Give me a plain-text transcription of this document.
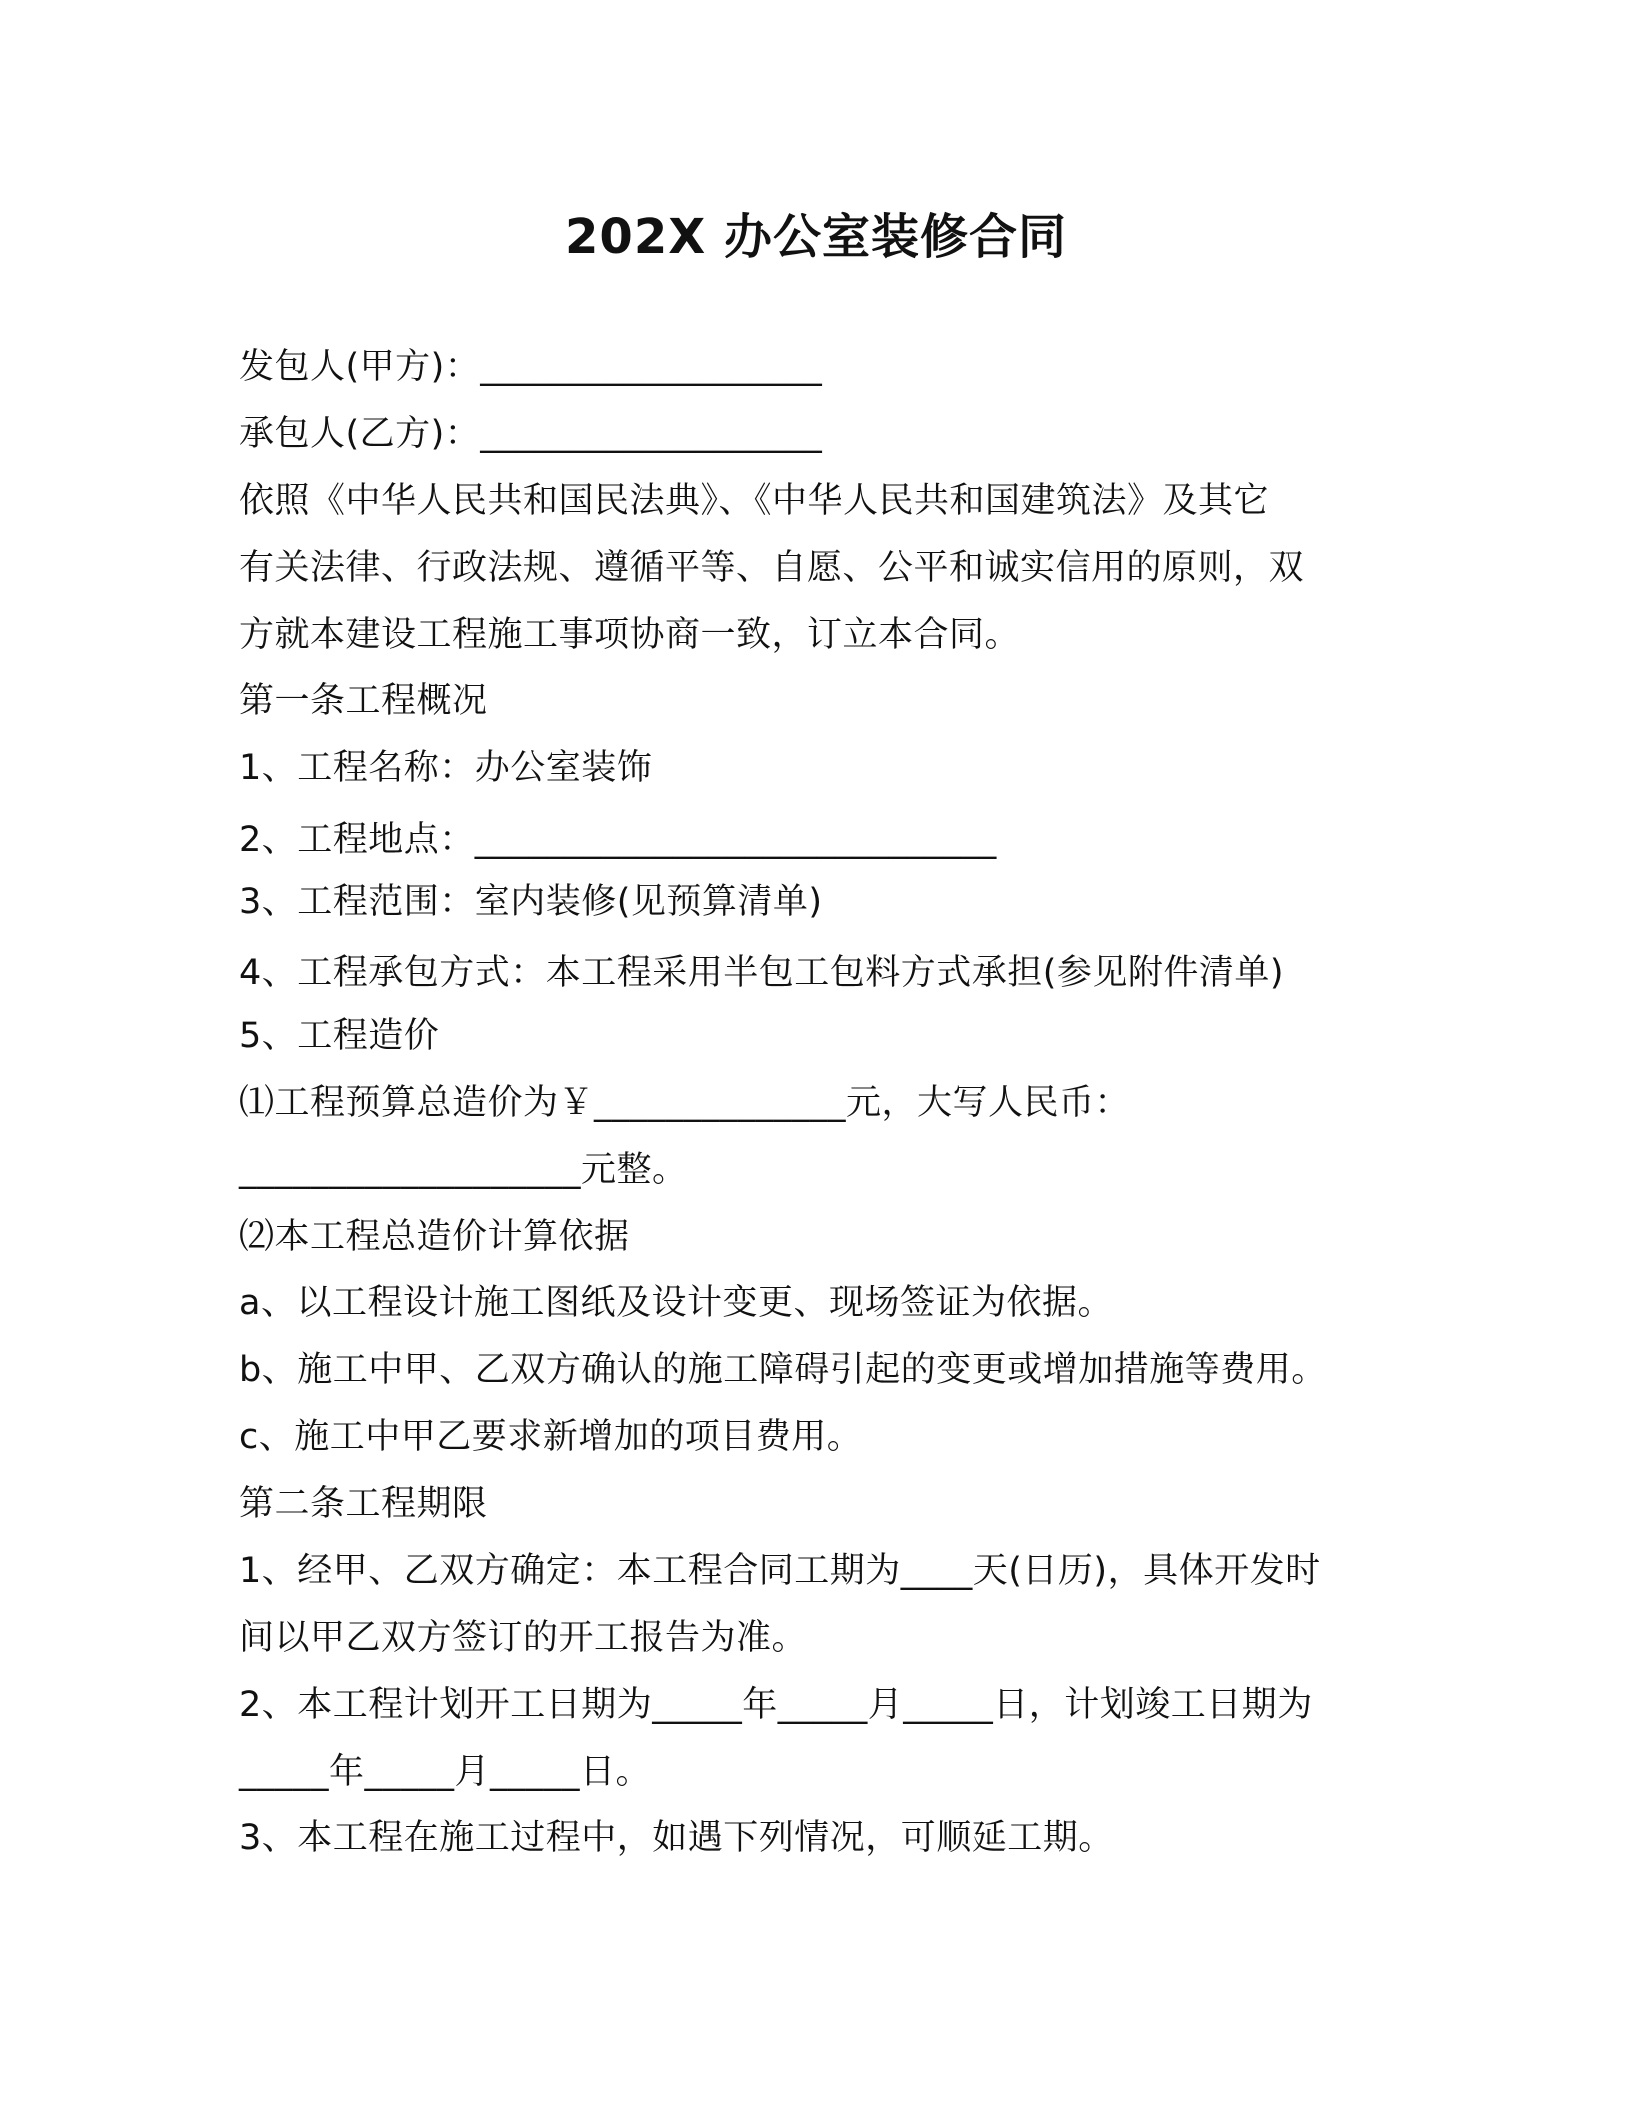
202X 办公室装修合同
发包人(甲方)：___________________
承包人(乙方)：___________________
依照《中华人民共和国民法典》、《中华人民共和国建筑法》及其它
有关法律、行政法规、遵循平等、自愿、公平和诚实信用的原则，双
方就本建设工程施工事项协商一致，订立本合同。
第一条工程概况
1、工程名称：办公室装饰
2、工程地点：_____________________________
3、工程范围：室内装修(见预算清单)
4、工程承包方式：本工程采用半包工包料方式承担(参见附件清单)
5、工程造价
⑴工程预算总造价为￥______________元，大写人民币：
___________________元整。
⑵本工程总造价计算依据
a、以工程设计施工图纸及设计变更、现场签证为依据。
b、施工中甲、乙双方确认的施工障碍引起的变更或增加措施等费用。
c、施工中甲乙要求新增加的项目费用。
第二条工程期限
1、经甲、乙双方确定：本工程合同工期为____天(日历)，具体开发时
间以甲乙双方签订的开工报告为准。
2、本工程计划开工日期为_____年_____月_____日，计划竣工日期为
_____年_____月_____日。
3、本工程在施工过程中，如遇下列情况，可顺延工期。
